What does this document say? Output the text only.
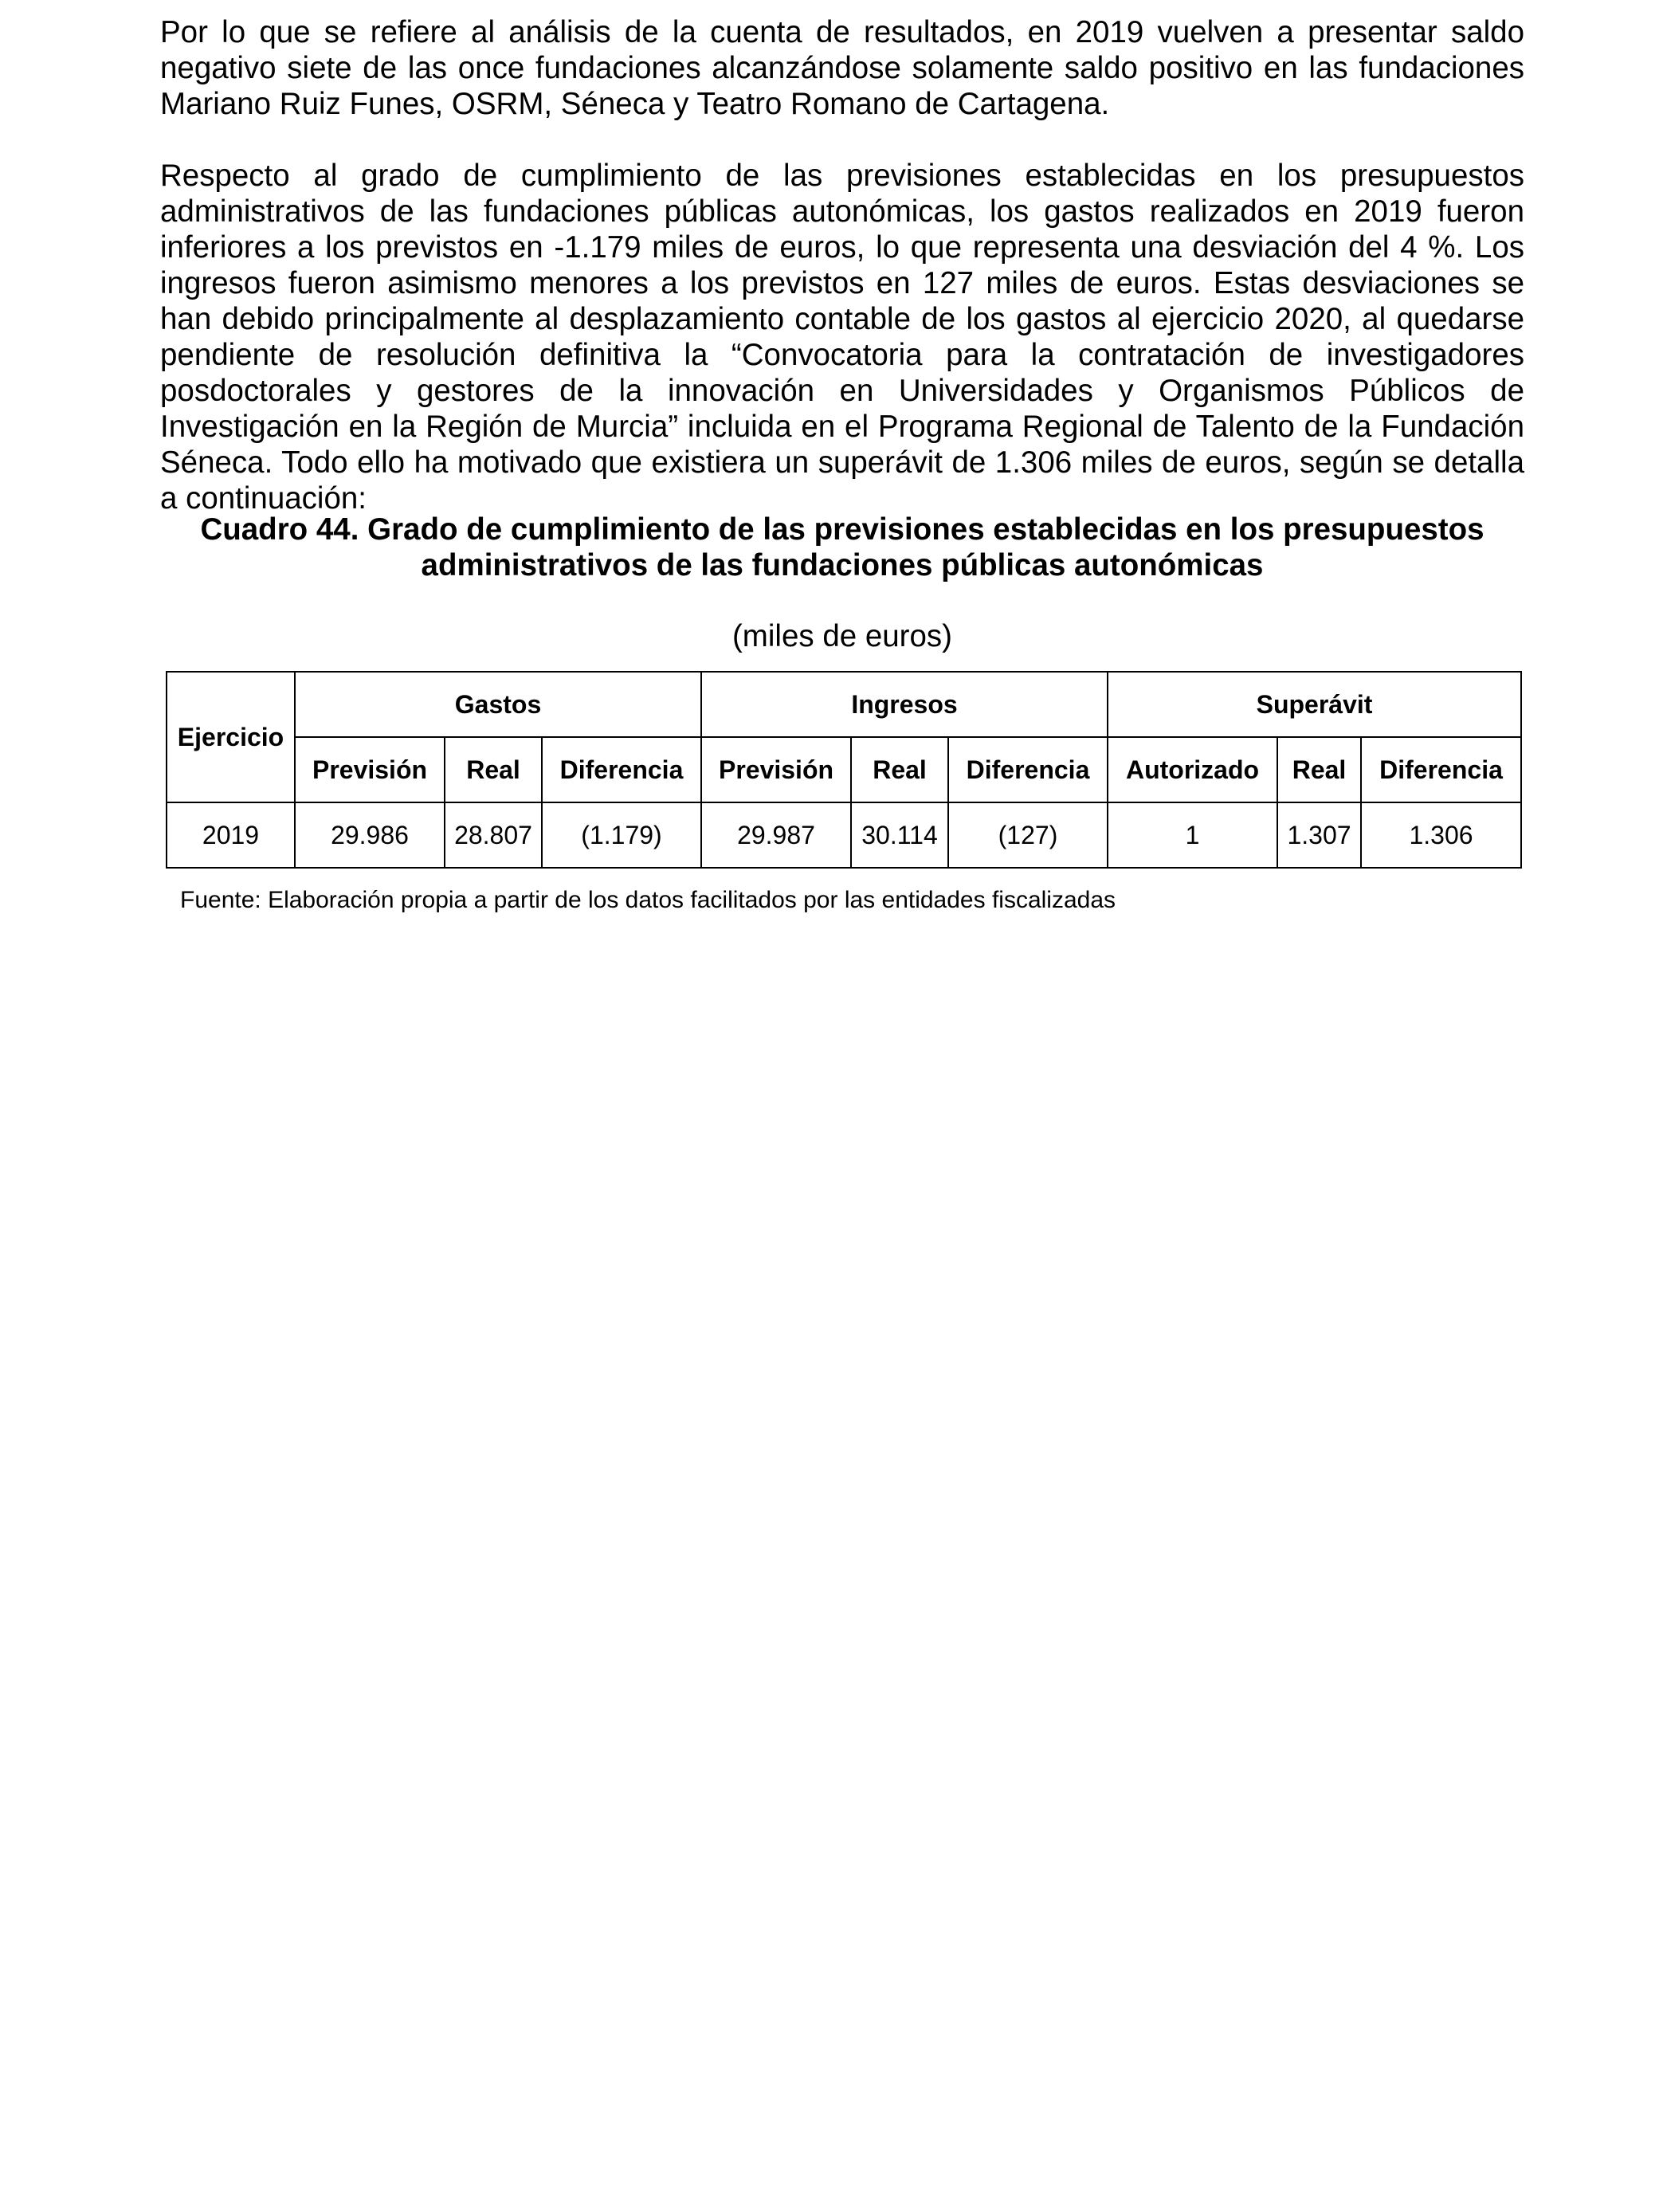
Por lo que se refiere al análisis de la cuenta de resultados, en 2019 vuelven a presentar saldo negativo siete de las once fundaciones alcanzándose solamente saldo positivo en las fundaciones Mariano Ruiz Funes, OSRM, Séneca y Teatro Romano de Cartagena.

Respecto al grado de cumplimiento de las previsiones establecidas en los presupuestos administrativos de las fundaciones públicas autonómicas, los gastos realizados en 2019 fueron inferiores a los previstos en -1.179 miles de euros, lo que representa una desviación del 4 %. Los ingresos fueron asimismo menores a los previstos en 127 miles de euros. Estas desviaciones se han debido principalmente al desplazamiento contable de los gastos al ejercicio 2020, al quedarse pendiente de resolución definitiva la “Convocatoria para la contratación de investigadores posdoctorales y gestores de la innovación en Universidades y Organismos Públicos de Investigación en la Región de Murcia” incluida en el Programa Regional de Talento de la Fundación Séneca. Todo ello ha motivado que existiera un superávit de 1.306 miles de euros, según se detalla a continuación:

Cuadro 44. Grado de cumplimiento de las previsiones establecidas en los presupuestos
administrativos de las fundaciones públicas autonómicas

(miles de euros)

Ejercicio	Gastos			Ingresos			Superávit		
	Previsión	Real	Diferencia	Previsión	Real	Diferencia	Autorizado	Real	Diferencia
2019	29.986	28.807	(1.179)	29.987	30.114	(127)	1	1.307	1.306

Fuente: Elaboración propia a partir de los datos facilitados por las entidades fiscalizadas
